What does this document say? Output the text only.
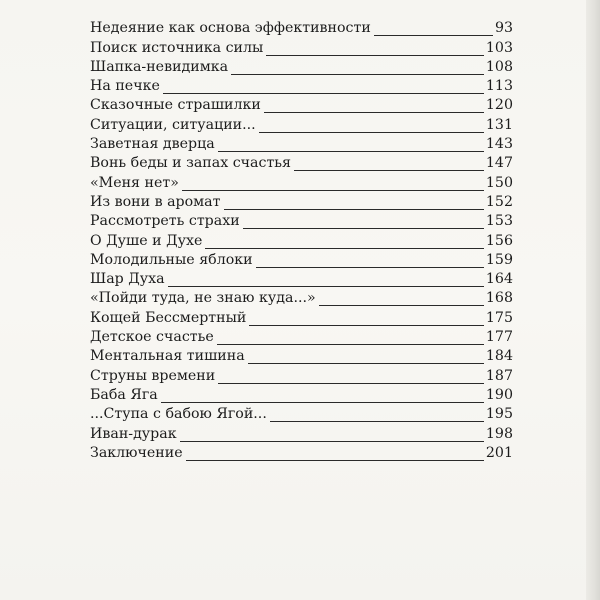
Недеяние как основа эффективности	93
Поиск источника силы	103
Шапка-невидимка	108
На печке	113
Сказочные страшилки	120
Ситуации, ситуации...	131
Заветная дверца	143
Вонь беды и запах счастья	147
«Меня нет»	150
Из вони в аромат	152
Рассмотреть страхи	153
О Душе и Духе	156
Молодильные яблоки	159
Шар Духа	164
«Пойди туда, не знаю куда...»	168
Кощей Бессмертный	175
Детское счастье	177
Ментальная тишина	184
Струны времени	187
Баба Яга	190
...Ступа с бабою Ягой...	195
Иван-дурак	198
Заключение	201
